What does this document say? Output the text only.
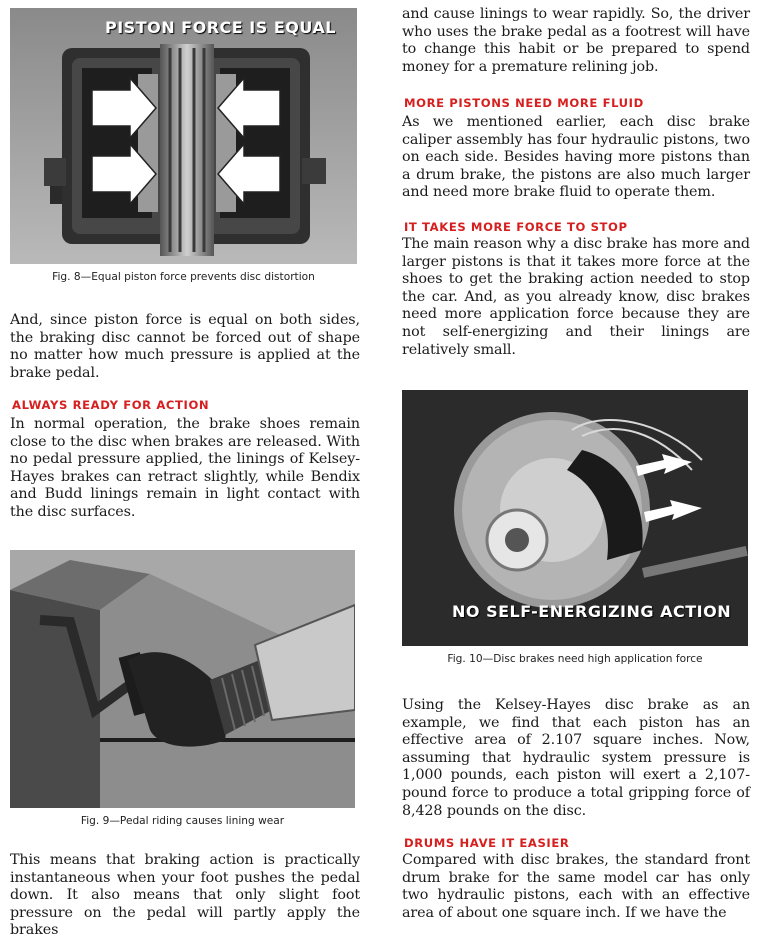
PISTON FORCE IS EQUAL

Fig. 8—Equal piston force prevents disc distortion

And, since piston force is equal on both sides, the braking disc cannot be forced out of shape no matter how much pressure is applied at the brake pedal.

ALWAYS READY FOR ACTION

In normal operation, the brake shoes remain close to the disc when brakes are released. With no pedal pressure applied, the linings of Kelsey-Hayes brakes can retract slightly, while Bendix and Budd linings remain in light contact with the disc surfaces.

Fig. 9—Pedal riding causes lining wear

This means that braking action is practically instantaneous when your foot pushes the pedal down. It also means that only slight foot pressure on the pedal will partly apply the brakes

and cause linings to wear rapidly. So, the driver who uses the brake pedal as a footrest will have to change this habit or be prepared to spend money for a premature relining job.

MORE PISTONS NEED MORE FLUID

As we mentioned earlier, each disc brake caliper assembly has four hydraulic pistons, two on each side. Besides having more pistons than a drum brake, the pistons are also much larger and need more brake fluid to operate them.

IT TAKES MORE FORCE TO STOP

The main reason why a disc brake has more and larger pistons is that it takes more force at the shoes to get the braking action needed to stop the car. And, as you already know, disc brakes need more application force because they are not self-energizing and their linings are relatively small.

NO SELF-ENERGIZING ACTION

Fig. 10—Disc brakes need high application force

Using the Kelsey-Hayes disc brake as an example, we find that each piston has an effective area of 2.107 square inches. Now, assuming that hydraulic system pressure is 1,000 pounds, each piston will exert a 2,107-pound force to produce a total gripping force of 8,428 pounds on the disc.

DRUMS HAVE IT EASIER

Compared with disc brakes, the standard front drum brake for the same model car has only two hydraulic pistons, each with an effective area of about one square inch. If we have the
